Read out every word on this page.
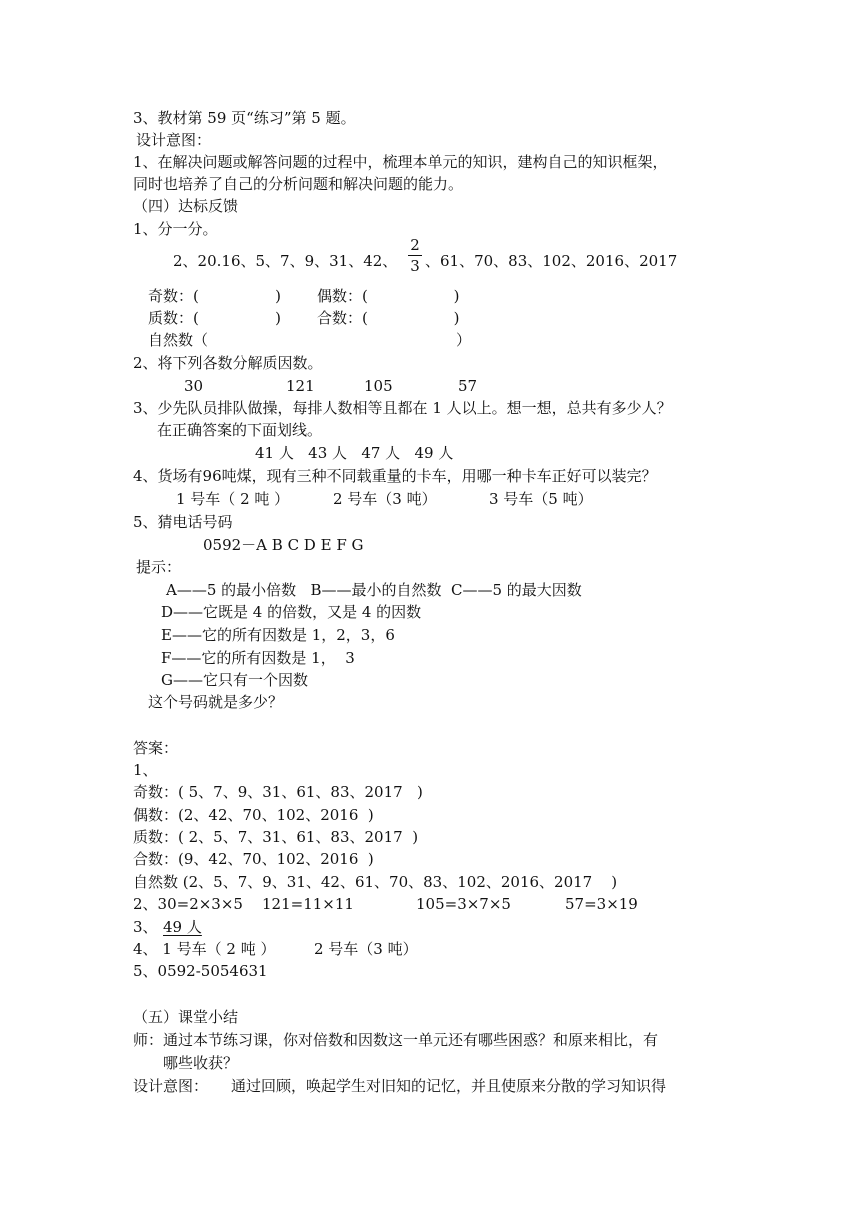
3、教材第 59 页“练习”第 5 题。
设计意图：
1、在解决问题或解答问题的过程中，梳理本单元的知识，建构自己的知识框架，
同时也培养了自己的分析问题和解决问题的能力。
（四）达标反馈
1、分一分。
2、20.16、5、7、9、31、42、
2
3 、61、70、83、102、2016、2017
奇数：(                ) 偶数：(                  )
质数：(                ) 合数：(                  )
自然数（                                                    ）
2、将下列各数分解质因数。
30	121	105	57
3、少先队员排队做操，每排人数相等且都在 1 人以上。想一想，总共有多少人？
在正确答案的下面划线。
41 人   43 人   47 人   49 人
4、货场有96吨煤，现有三种不同载重量的卡车，用哪一种卡车正好可以装完？
1 号车（ 2 吨 ）	2 号车（3 吨）	3 号车（5 吨）
5、猜电话号码
0592－A B C D E F G
提示：
A——5 的最小倍数   B——最小的自然数  C——5 的最大因数
D——它既是 4 的倍数，又是 4 的因数
E——它的所有因数是 1，2，3，6
F——它的所有因数是 1，  3
G——它只有一个因数
这个号码就是多少？
答案：
1、
奇数：( 5、7、9、31、61、83、2017   )
偶数：(2、42、70、102、2016  )
质数：( 2、5、7、31、61、83、2017  )
合数：(9、42、70、102、2016  )
自然数 (2、5、7、9、31、42、61、70、83、102、2016、2017    )
2、30=2×3×5 121=11×11	105=3×7×5	57=3×19
3、 49 人
4、 1 号车（ 2 吨 ）	2 号车（3 吨）
5、0592-5054631
（五）课堂小结
师：通过本节练习课，你对倍数和因数这一单元还有哪些困惑？和原来相比，有
哪些收获？
设计意图： 通过回顾，唤起学生对旧知的记忆，并且使原来分散的学习知识得
